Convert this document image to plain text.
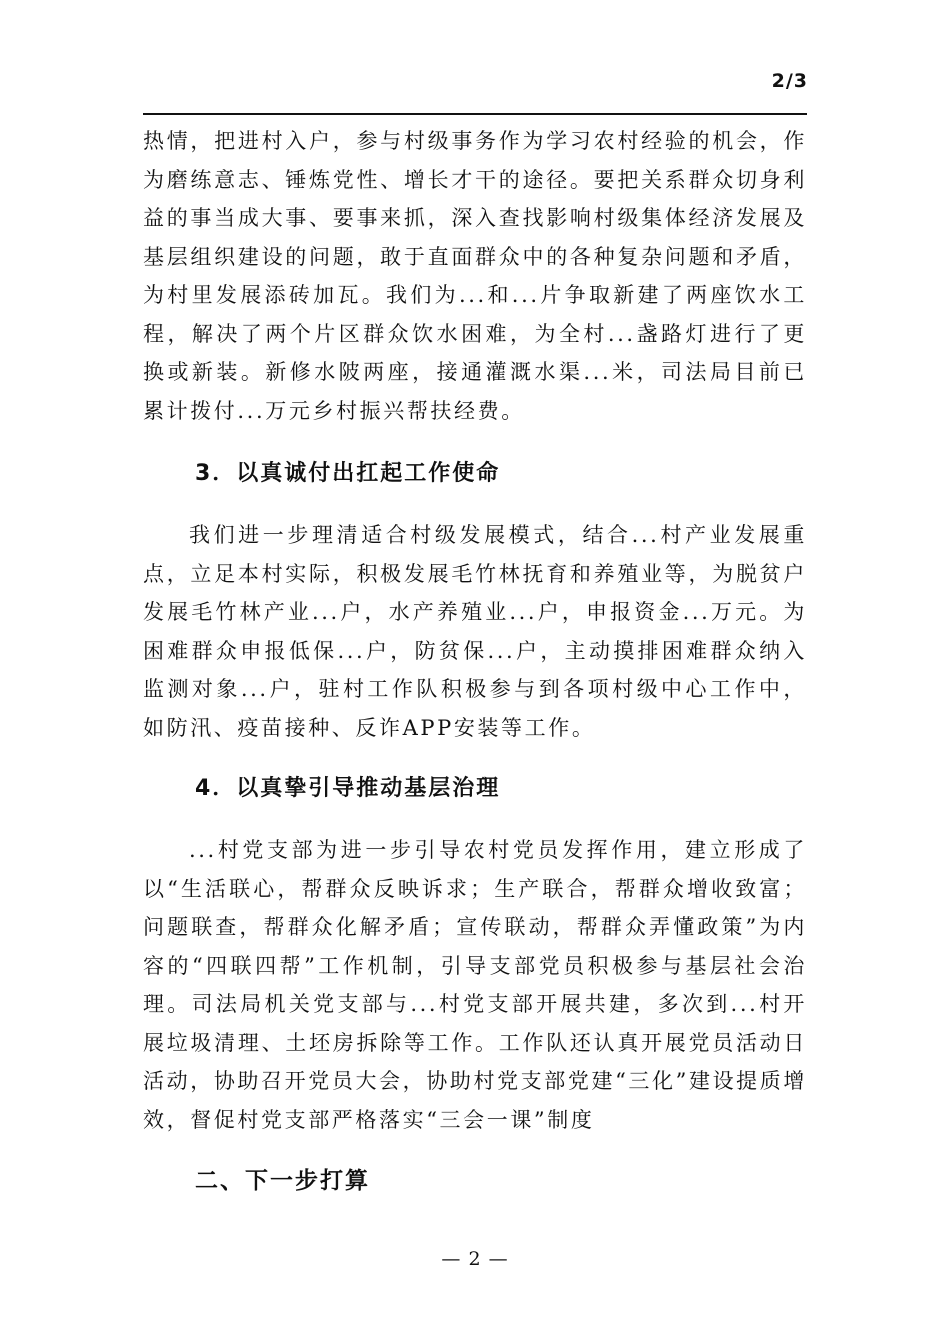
2/3

热情，把进村入户，参与村级事务作为学习农村经验的机会，作为磨练意志、锤炼党性、增长才干的途径。要把关系群众切身利益的事当成大事、要事来抓，深入查找影响村级集体经济发展及基层组织建设的问题，敢于直面群众中的各种复杂问题和矛盾，为村里发展添砖加瓦。我们为...和...片争取新建了两座饮水工程，解决了两个片区群众饮水困难，为全村...盏路灯进行了更换或新装。新修水陂两座，接通灌溉水渠...米，司法局目前已累计拨付...万元乡村振兴帮扶经费。

3．以真诚付出扛起工作使命

我们进一步理清适合村级发展模式，结合...村产业发展重点，立足本村实际，积极发展毛竹林抚育和养殖业等，为脱贫户发展毛竹林产业...户，水产养殖业...户，申报资金...万元。为困难群众申报低保...户，防贫保...户，主动摸排困难群众纳入监测对象...户，驻村工作队积极参与到各项村级中心工作中，如防汛、疫苗接种、反诈APP安装等工作。

4．以真挚引导推动基层治理

...村党支部为进一步引导农村党员发挥作用，建立形成了以“生活联心，帮群众反映诉求；生产联合，帮群众增收致富；问题联查，帮群众化解矛盾；宣传联动，帮群众弄懂政策”为内容的“四联四帮”工作机制，引导支部党员积极参与基层社会治理。司法局机关党支部与...村党支部开展共建，多次到...村开展垃圾清理、土坯房拆除等工作。工作队还认真开展党员活动日活动，协助召开党员大会，协助村党支部党建“三化”建设提质增效，督促村党支部严格落实“三会一课”制度

二、下一步打算
— 2 —
